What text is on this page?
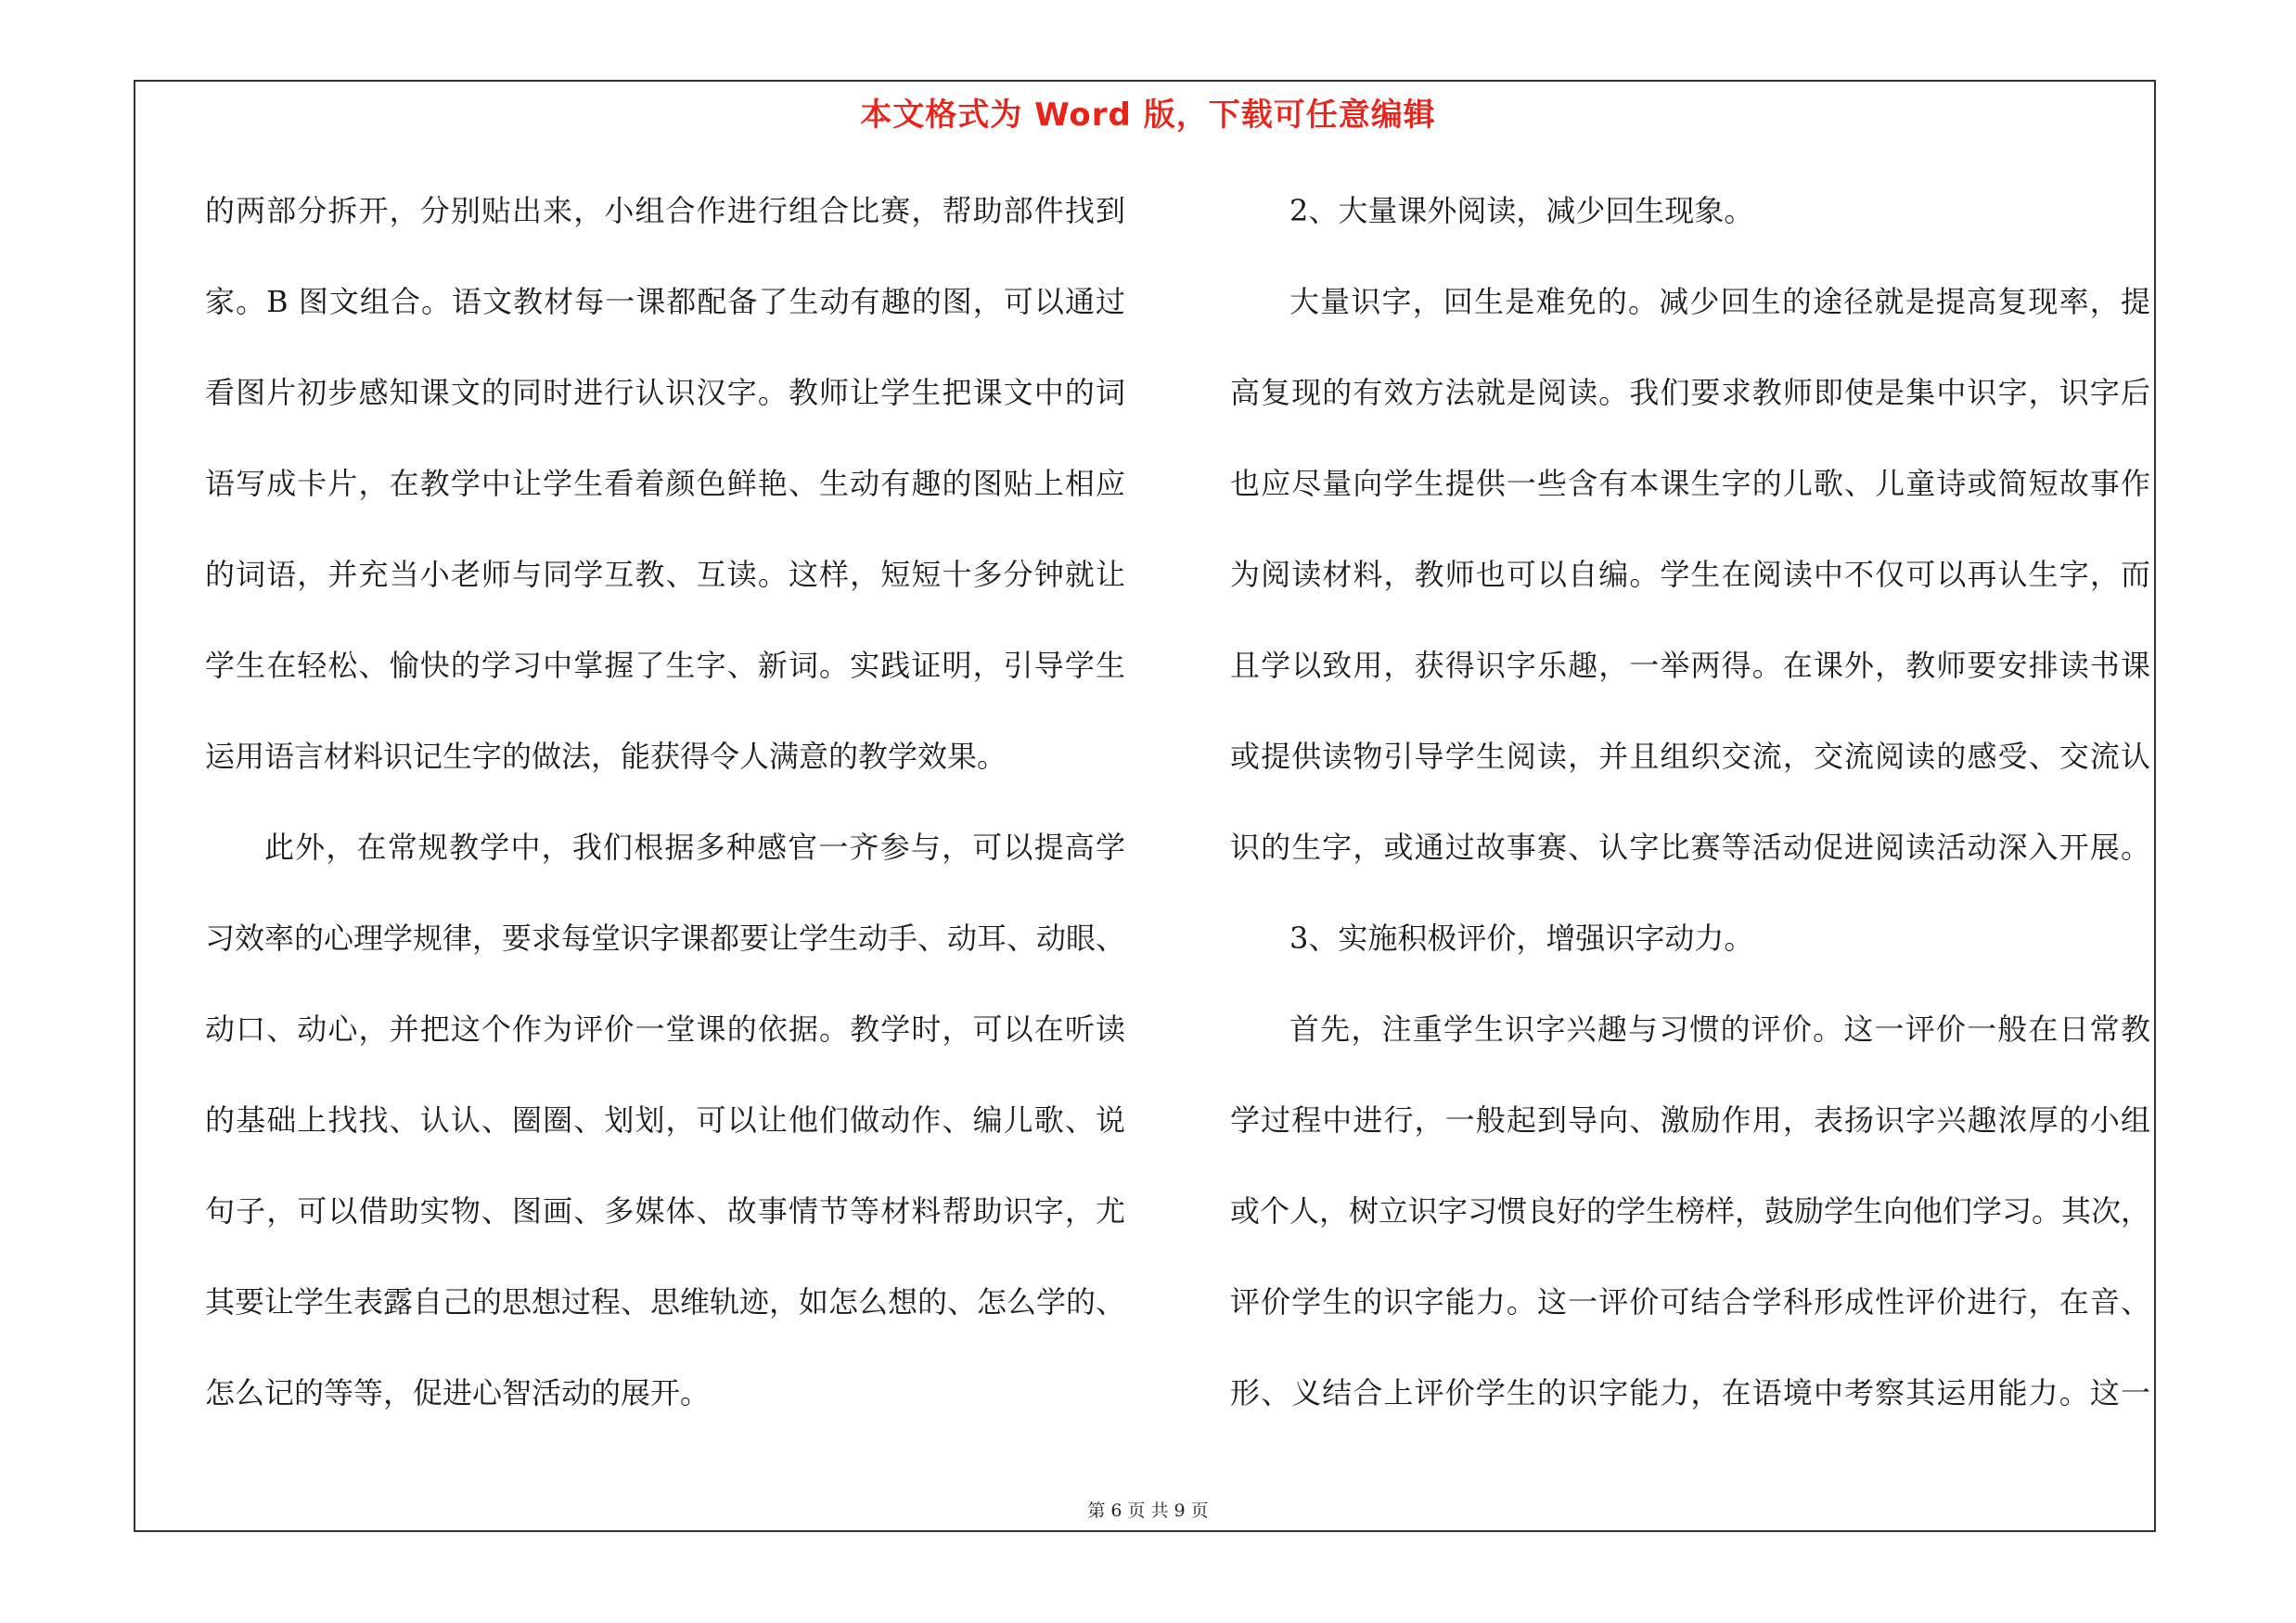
本文格式为 Word 版，下载可任意编辑
的两部分拆开，分别贴出来，小组合作进行组合比赛，帮助部件找到
家。B 图文组合。语文教材每一课都配备了生动有趣的图，可以通过
看图片初步感知课文的同时进行认识汉字。教师让学生把课文中的词
语写成卡片，在教学中让学生看着颜色鲜艳、生动有趣的图贴上相应
的词语，并充当小老师与同学互教、互读。这样，短短十多分钟就让
学生在轻松、愉快的学习中掌握了生字、新词。实践证明，引导学生
运用语言材料识记生字的做法，能获得令人满意的教学效果。
此外，在常规教学中，我们根据多种感官一齐参与，可以提高学
习效率的心理学规律，要求每堂识字课都要让学生动手、动耳、动眼、
动口、动心，并把这个作为评价一堂课的依据。教学时，可以在听读
的基础上找找、认认、圈圈、划划，可以让他们做动作、编儿歌、说
句子，可以借助实物、图画、多媒体、故事情节等材料帮助识字，尤
其要让学生表露自己的思想过程、思维轨迹，如怎么想的、怎么学的、
怎么记的等等，促进心智活动的展开。
2、大量课外阅读，减少回生现象。
大量识字，回生是难免的。减少回生的途径就是提高复现率，提
高复现的有效方法就是阅读。我们要求教师即使是集中识字，识字后
也应尽量向学生提供一些含有本课生字的儿歌、儿童诗或简短故事作
为阅读材料，教师也可以自编。学生在阅读中不仅可以再认生字，而
且学以致用，获得识字乐趣，一举两得。在课外，教师要安排读书课
或提供读物引导学生阅读，并且组织交流，交流阅读的感受、交流认
识的生字，或通过故事赛、认字比赛等活动促进阅读活动深入开展。
3、实施积极评价，增强识字动力。
首先，注重学生识字兴趣与习惯的评价。这一评价一般在日常教
学过程中进行，一般起到导向、激励作用，表扬识字兴趣浓厚的小组
或个人，树立识字习惯良好的学生榜样，鼓励学生向他们学习。其次，
评价学生的识字能力。这一评价可结合学科形成性评价进行，在音、
形、义结合上评价学生的识字能力，在语境中考察其运用能力。这一
第 6 页 共 9 页
